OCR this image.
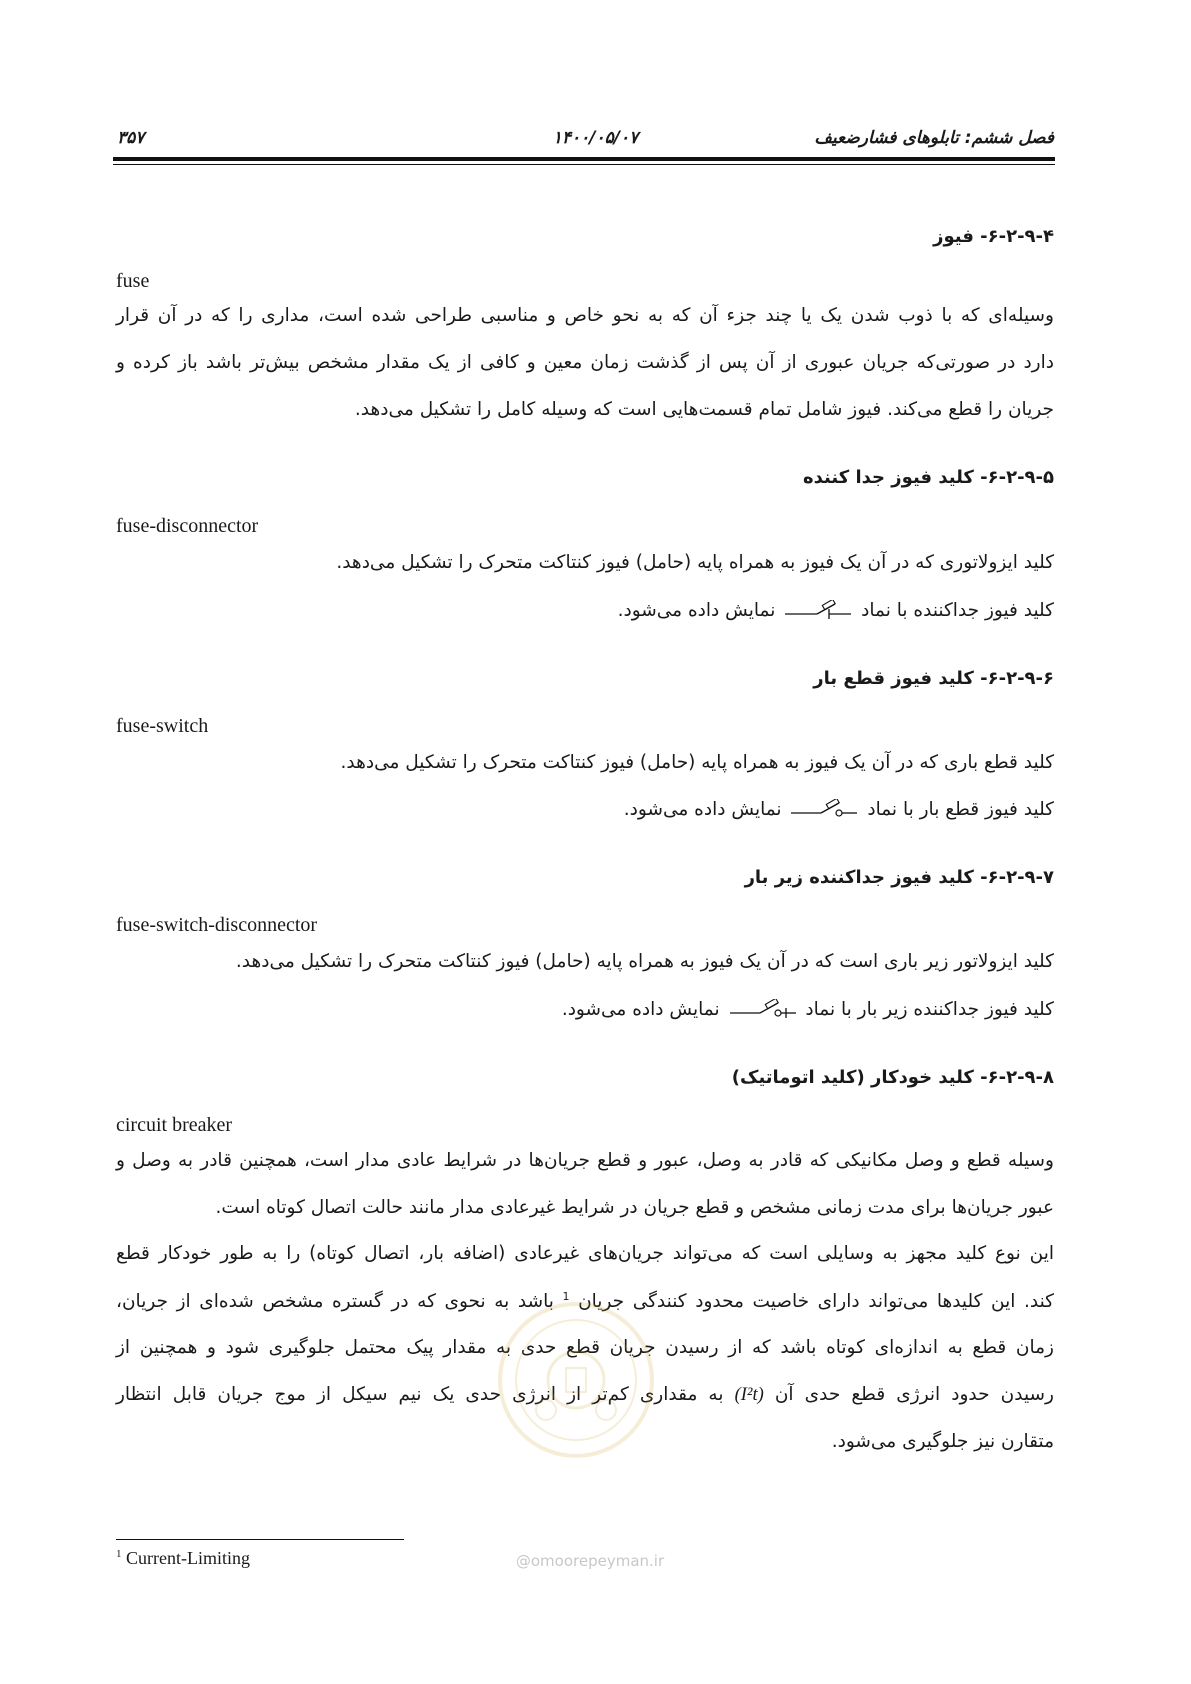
فصل ششم: تابلوهای فشارضعیف
۱۴۰۰/۰۵/۰۷
۳۵۷
۶-۲-۹-۴- فیوز
fuse
وسیله‌ای که با ذوب شدن یک یا چند جزء آن که به نحو خاص و مناسبی طراحی شده است، مداری را که در آن قرار
دارد در صورتی‌که جریان عبوری از آن پس از گذشت زمان معین و کافی از یک مقدار مشخص بیش‌تر باشد باز کرده و
جریان را قطع می‌کند. فیوز شامل تمام قسمت‌هایی است که وسیله کامل را تشکیل می‌دهد.
۶-۲-۹-۵- کلید فیوز جدا کننده
fuse-disconnector
کلید ایزولاتوری که در آن یک فیوز به همراه پایه (حامل) فیوز کنتاکت متحرک را تشکیل می‌دهد.
کلید فیوز جداکننده با نماد  نمایش داده می‌شود.
۶-۲-۹-۶- کلید فیوز قطع بار
fuse-switch
کلید قطع باری که در آن یک فیوز به همراه پایه (حامل) فیوز کنتاکت متحرک را تشکیل می‌دهد.
کلید فیوز قطع بار با نماد  نمایش داده می‌شود.
۶-۲-۹-۷- کلید فیوز جداکننده زیر بار
fuse-switch-disconnector
کلید ایزولاتور زیر باری است که در آن یک فیوز به همراه پایه (حامل) فیوز کنتاکت متحرک را تشکیل می‌دهد.
کلید فیوز جداکننده زیر بار با نماد  نمایش داده می‌شود.
۶-۲-۹-۸- کلید خودکار (کلید اتوماتیک)
circuit breaker
وسیله قطع و وصل مکانیکی که قادر به وصل، عبور و قطع جریان‌ها در شرایط عادی مدار است، همچنین قادر به وصل و
عبور جریان‌ها برای مدت زمانی مشخص و قطع جریان در شرایط غیرعادی مدار مانند حالت اتصال کوتاه است.
این نوع کلید مجهز به وسایلی است که می‌تواند جریان‌های غیرعادی (اضافه بار، اتصال کوتاه) را به طور خودکار قطع
کند. این کلیدها می‌تواند دارای خاصیت محدود کنندگی جریان $^1$ باشد به نحوی که در گستره مشخص شده‌ای از جریان،
زمان قطع به اندازه‌ای کوتاه باشد که از رسیدن جریان قطع حدی به مقدار پیک محتمل جلوگیری شود و همچنین از
رسیدن حدود انرژی قطع حدی آن (I²t) به مقداری کم‌تر از انرژی حدی یک نیم سیکل از موج جریان قابل انتظار
متقارن نیز جلوگیری می‌شود.
@omoorepeyman.ir
$^1$ Current-Limiting
